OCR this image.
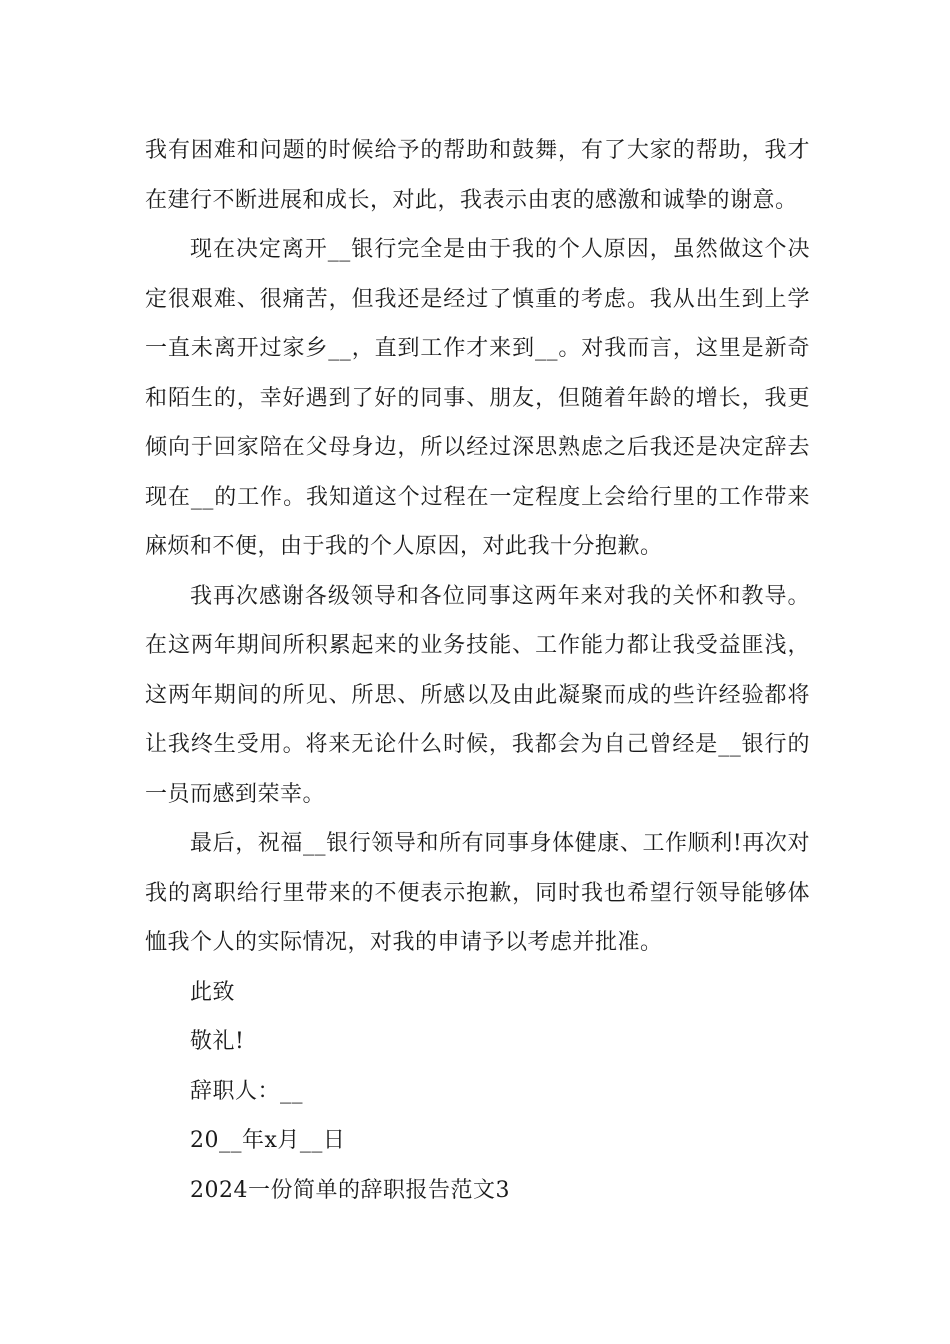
我有困难和问题的时候给予的帮助和鼓舞，有了大家的帮助，我才在建行不断进展和成长，对此，我表示由衷的感激和诚挚的谢意。

现在决定离开__银行完全是由于我的个人原因，虽然做这个决定很艰难、很痛苦，但我还是经过了慎重的考虑。我从出生到上学一直未离开过家乡__，直到工作才来到__。对我而言，这里是新奇和陌生的，幸好遇到了好的同事、朋友，但随着年龄的增长，我更倾向于回家陪在父母身边，所以经过深思熟虑之后我还是决定辞去现在__的工作。我知道这个过程在一定程度上会给行里的工作带来麻烦和不便，由于我的个人原因，对此我十分抱歉。

我再次感谢各级领导和各位同事这两年来对我的关怀和教导。在这两年期间所积累起来的业务技能、工作能力都让我受益匪浅，这两年期间的所见、所思、所感以及由此凝聚而成的些许经验都将让我终生受用。将来无论什么时候，我都会为自己曾经是__银行的一员而感到荣幸。

最后，祝福__银行领导和所有同事身体健康、工作顺利!再次对我的离职给行里带来的不便表示抱歉，同时我也希望行领导能够体恤我个人的实际情况，对我的申请予以考虑并批准。

此致

敬礼!

辞职人：__

20__年x月__日

2024一份简单的辞职报告范文3
